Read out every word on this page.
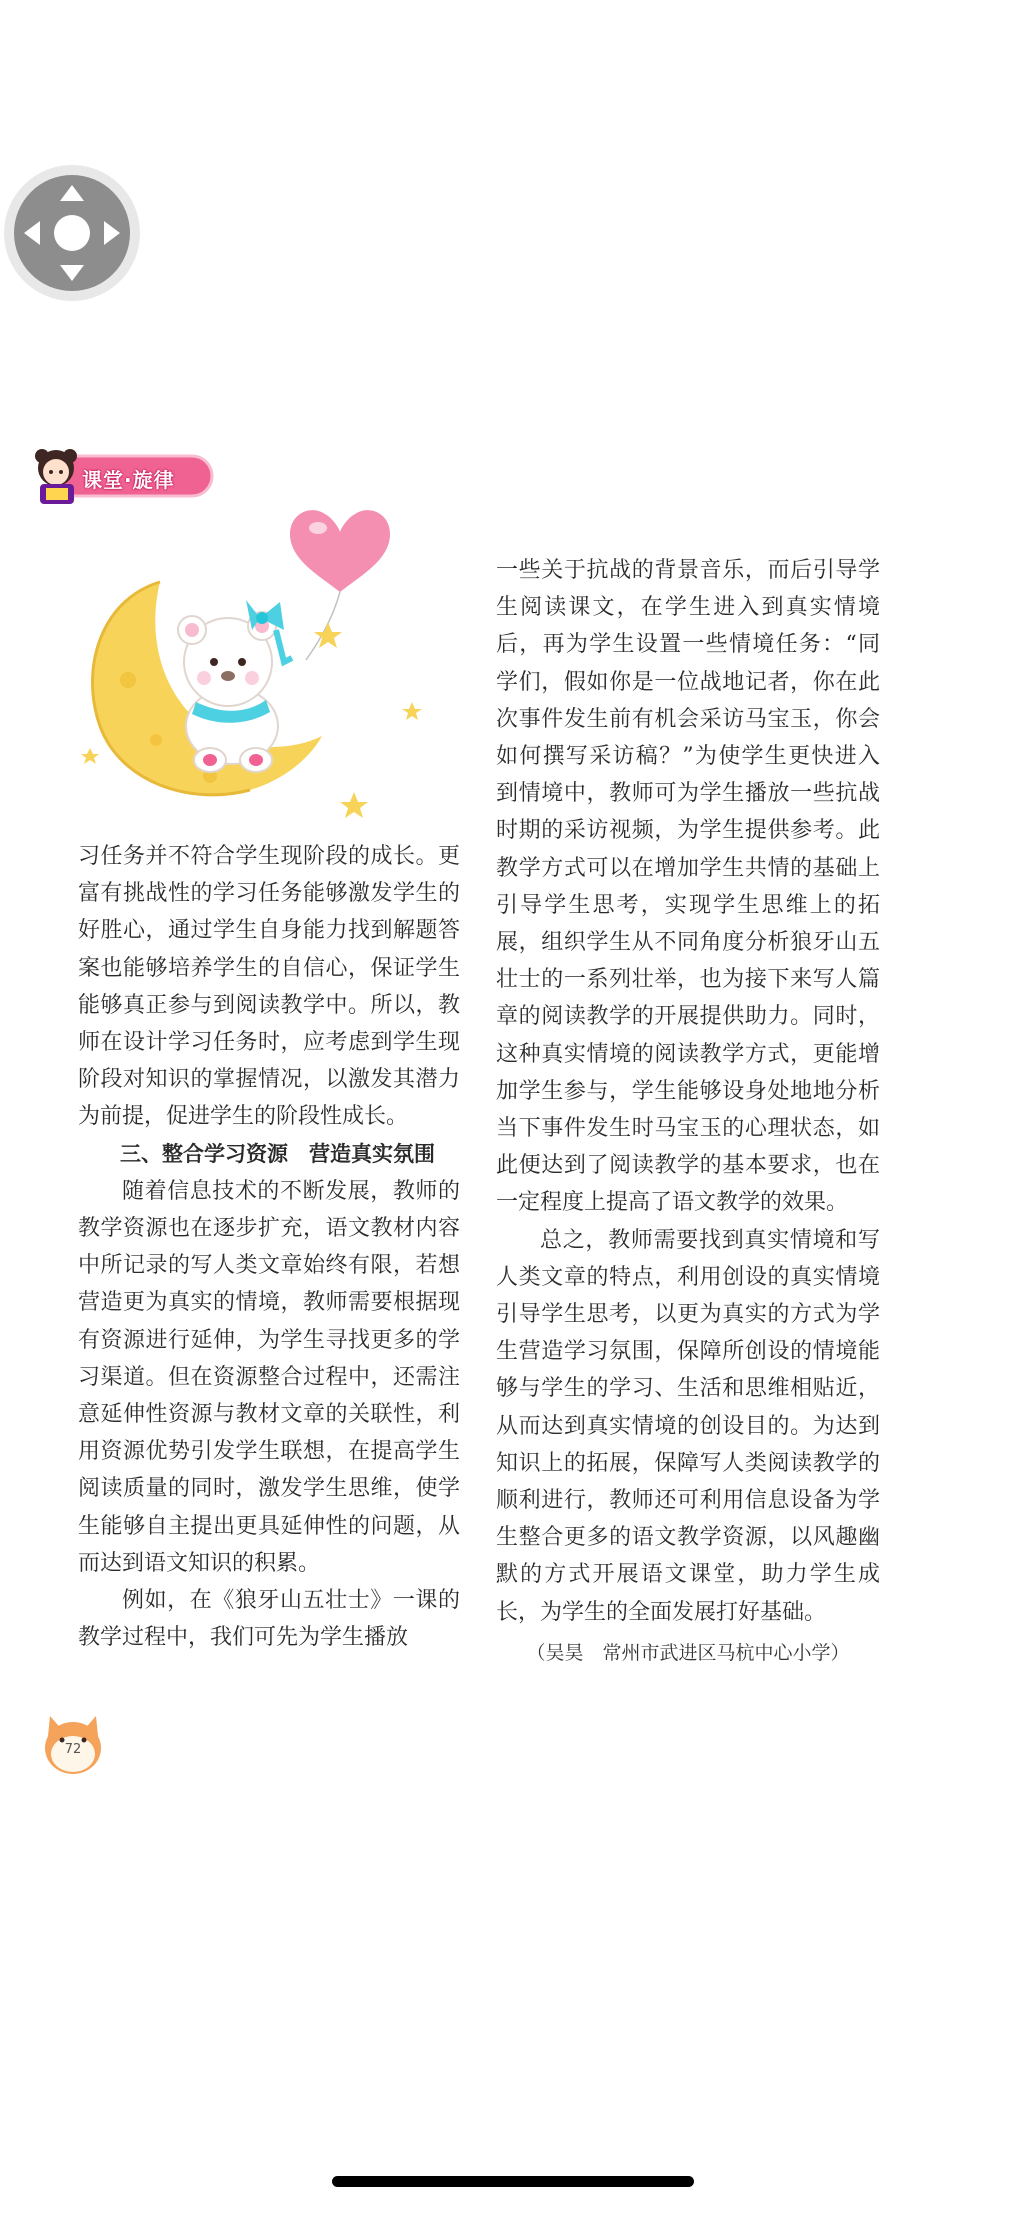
课堂·旋律

习任务并不符合学生现阶段的成长。更富有挑战性的学习任务能够激发学生的好胜心，通过学生自身能力找到解题答案也能够培养学生的自信心，保证学生能够真正参与到阅读教学中。所以，教师在设计学习任务时，应考虑到学生现阶段对知识的掌握情况，以激发其潜力为前提，促进学生的阶段性成长。

三、整合学习资源　营造真实氛围

随着信息技术的不断发展，教师的教学资源也在逐步扩充，语文教材内容中所记录的写人类文章始终有限，若想营造更为真实的情境，教师需要根据现有资源进行延伸，为学生寻找更多的学习渠道。但在资源整合过程中，还需注意延伸性资源与教材文章的关联性，利用资源优势引发学生联想，在提高学生阅读质量的同时，激发学生思维，使学生能够自主提出更具延伸性的问题，从而达到语文知识的积累。

例如，在《狼牙山五壮士》一课的教学过程中，我们可先为学生播放

一些关于抗战的背景音乐，而后引导学生阅读课文，在学生进入到真实情境后，再为学生设置一些情境任务：“同学们，假如你是一位战地记者，你在此次事件发生前有机会采访马宝玉，你会如何撰写采访稿？”为使学生更快进入到情境中，教师可为学生播放一些抗战时期的采访视频，为学生提供参考。此教学方式可以在增加学生共情的基础上引导学生思考，实现学生思维上的拓展，组织学生从不同角度分析狼牙山五壮士的一系列壮举，也为接下来写人篇章的阅读教学的开展提供助力。同时，这种真实情境的阅读教学方式，更能增加学生参与，学生能够设身处地地分析当下事件发生时马宝玉的心理状态，如此便达到了阅读教学的基本要求，也在一定程度上提高了语文教学的效果。

总之，教师需要找到真实情境和写人类文章的特点，利用创设的真实情境引导学生思考，以更为真实的方式为学生营造学习氛围，保障所创设的情境能够与学生的学习、生活和思维相贴近，从而达到真实情境的创设目的。为达到知识上的拓展，保障写人类阅读教学的顺利进行，教师还可利用信息设备为学生整合更多的语文教学资源，以风趣幽默的方式开展语文课堂，助力学生成长，为学生的全面发展打好基础。

（吴昊　常州市武进区马杭中心小学）

72
